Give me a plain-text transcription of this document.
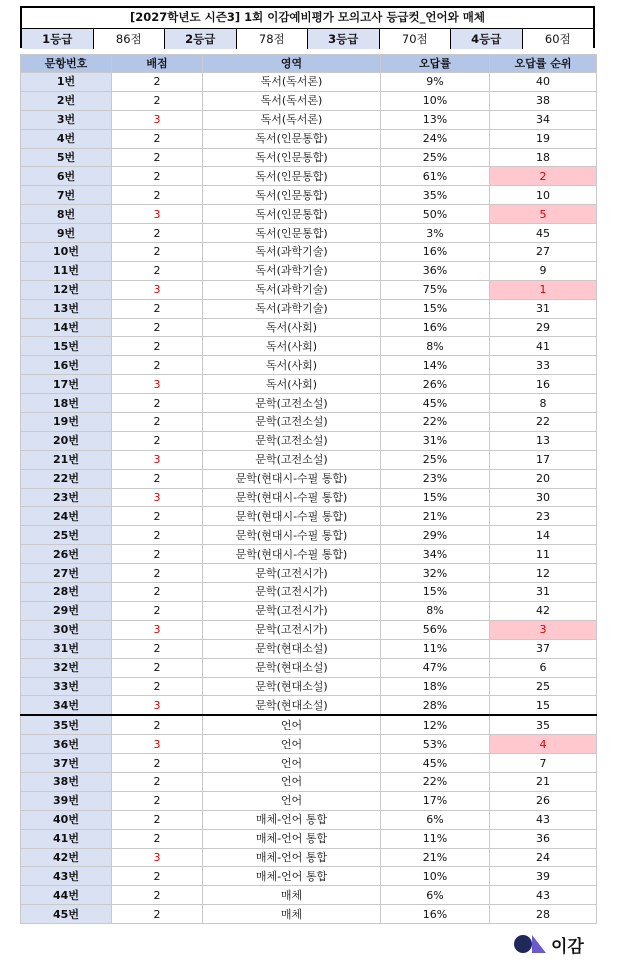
[2027학년도 시즌3] 1회 이감예비평가 모의고사 등급컷_언어와 매체
1등급	86점	2등급	78점	3등급	70점	4등급	60점
문항번호	배점	영역	오답률	오답률 순위
1번	2	독서(독서론)	9%	40
2번	2	독서(독서론)	10%	38
3번	3	독서(독서론)	13%	34
4번	2	독서(인문통합)	24%	19
5번	2	독서(인문통합)	25%	18
6번	2	독서(인문통합)	61%	2
7번	2	독서(인문통합)	35%	10
8번	3	독서(인문통합)	50%	5
9번	2	독서(인문통합)	3%	45
10번	2	독서(과학기술)	16%	27
11번	2	독서(과학기술)	36%	9
12번	3	독서(과학기술)	75%	1
13번	2	독서(과학기술)	15%	31
14번	2	독서(사회)	16%	29
15번	2	독서(사회)	8%	41
16번	2	독서(사회)	14%	33
17번	3	독서(사회)	26%	16
18번	2	문학(고전소설)	45%	8
19번	2	문학(고전소설)	22%	22
20번	2	문학(고전소설)	31%	13
21번	3	문학(고전소설)	25%	17
22번	2	문학(현대시-수필 통합)	23%	20
23번	3	문학(현대시-수필 통합)	15%	30
24번	2	문학(현대시-수필 통합)	21%	23
25번	2	문학(현대시-수필 통합)	29%	14
26번	2	문학(현대시-수필 통합)	34%	11
27번	2	문학(고전시가)	32%	12
28번	2	문학(고전시가)	15%	31
29번	2	문학(고전시가)	8%	42
30번	3	문학(고전시가)	56%	3
31번	2	문학(현대소설)	11%	37
32번	2	문학(현대소설)	47%	6
33번	2	문학(현대소설)	18%	25
34번	3	문학(현대소설)	28%	15
35번	2	언어	12%	35
36번	3	언어	53%	4
37번	2	언어	45%	7
38번	2	언어	22%	21
39번	2	언어	17%	26
40번	2	매체-언어 통합	6%	43
41번	2	매체-언어 통합	11%	36
42번	3	매체-언어 통합	21%	24
43번	2	매체-언어 통합	10%	39
44번	2	매체	6%	43
45번	2	매체	16%	28
이감
